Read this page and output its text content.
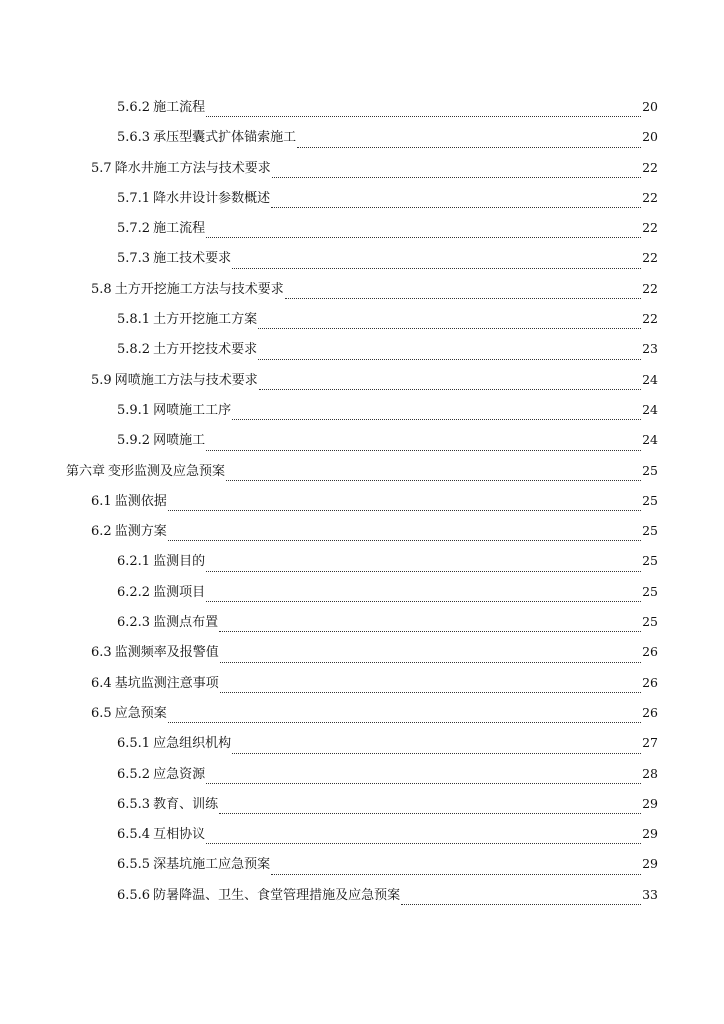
5.6.2 施工流程	20
5.6.3 承压型囊式扩体锚索施工	20
5.7 降水井施工方法与技术要求	22
5.7.1 降水井设计参数概述	22
5.7.2 施工流程	22
5.7.3 施工技术要求	22
5.8 土方开挖施工方法与技术要求	22
5.8.1 土方开挖施工方案	22
5.8.2 土方开挖技术要求	23
5.9 网喷施工方法与技术要求	24
5.9.1 网喷施工工序	24
5.9.2 网喷施工	24
第六章 变形监测及应急预案	25
6.1 监测依据	25
6.2 监测方案	25
6.2.1 监测目的	25
6.2.2 监测项目	25
6.2.3 监测点布置	25
6.3 监测频率及报警值	26
6.4 基坑监测注意事项	26
6.5 应急预案	26
6.5.1 应急组织机构	27
6.5.2 应急资源	28
6.5.3 教育、训练	29
6.5.4 互相协议	29
6.5.5 深基坑施工应急预案	29
6.5.6 防暑降温、卫生、食堂管理措施及应急预案	33
